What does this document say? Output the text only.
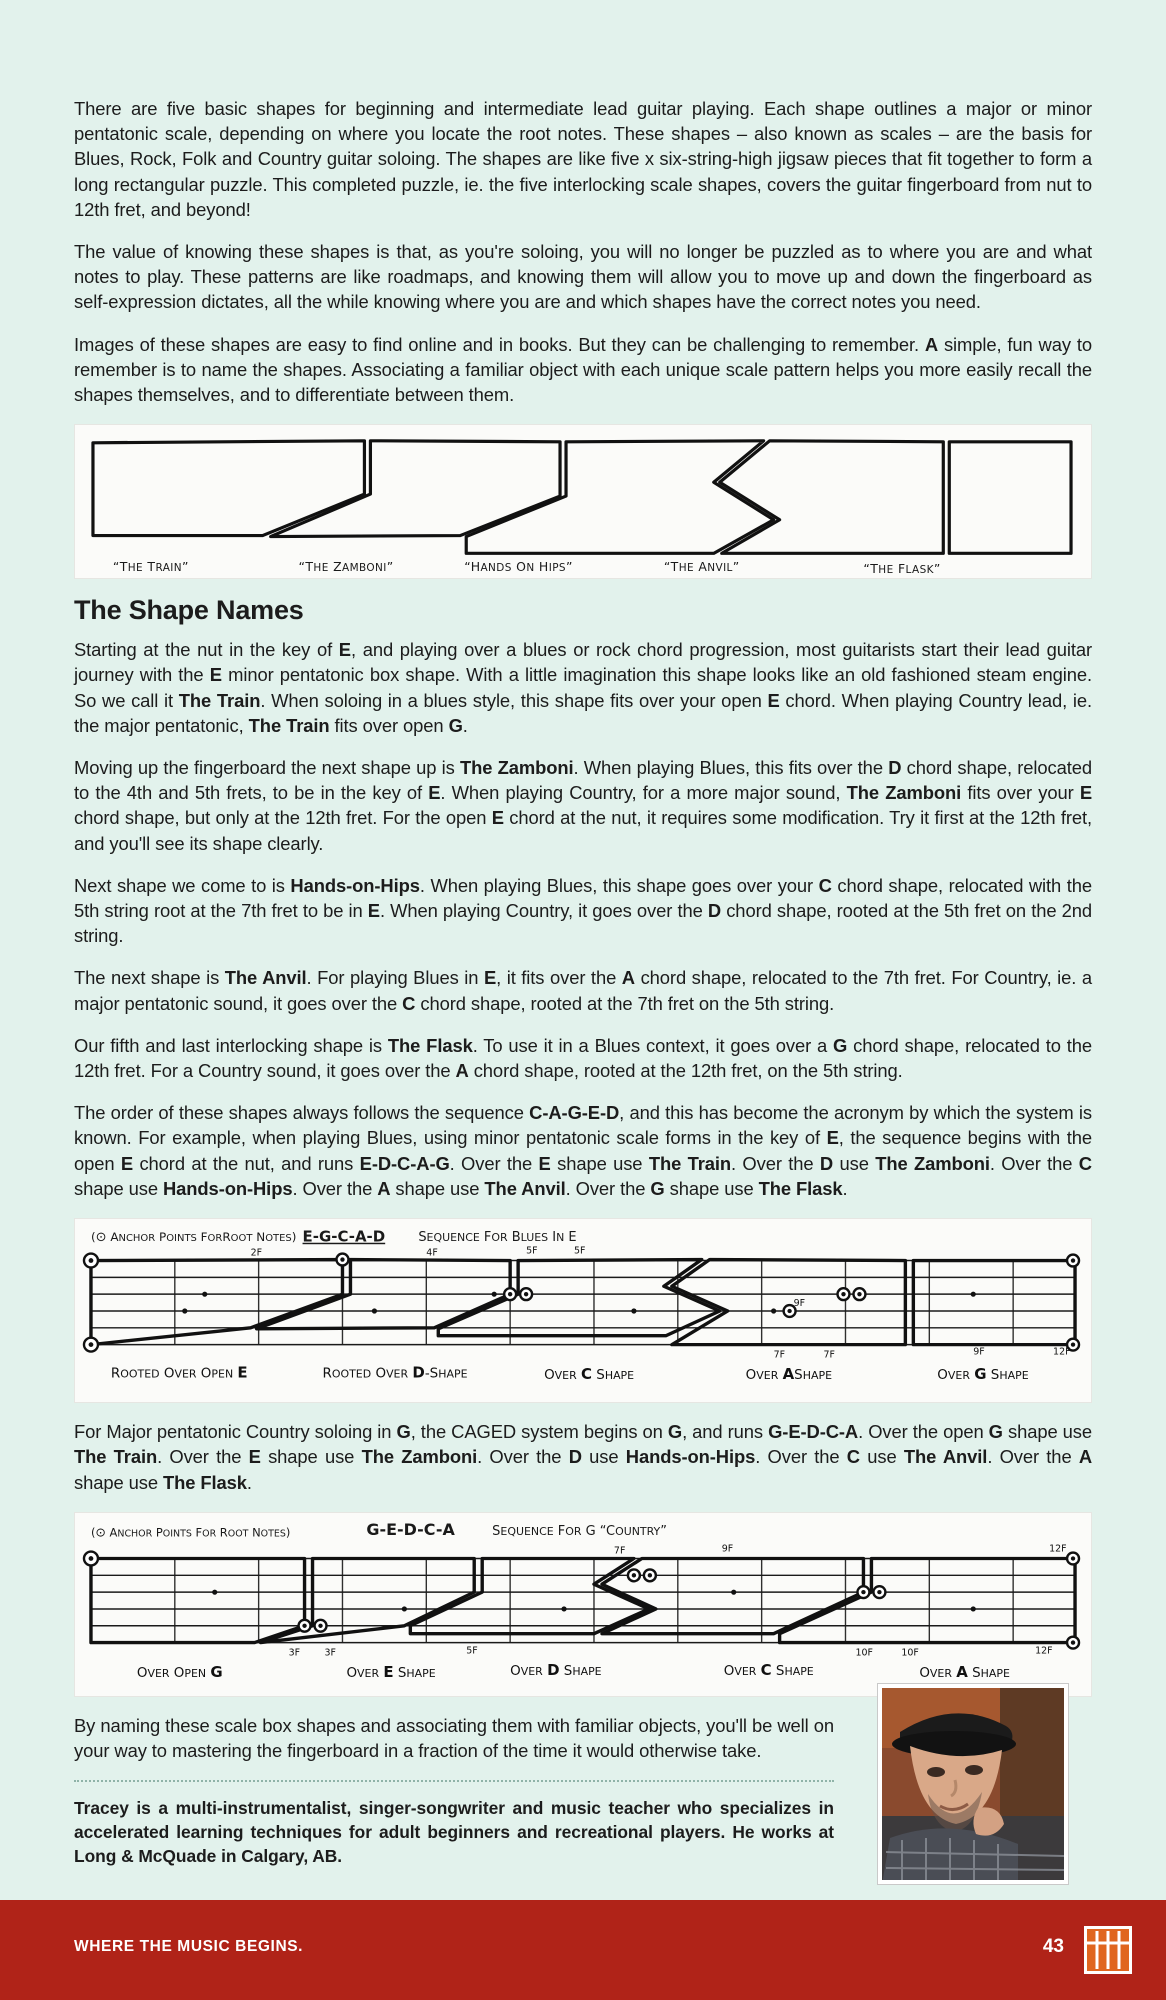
There are five basic shapes for beginning and intermediate lead guitar playing. Each shape outlines a major or minor pentatonic scale, depending on where you locate the root notes. These shapes – also known as scales – are the basis for Blues, Rock, Folk and Country guitar soloing. The shapes are like five x six-string-high jigsaw pieces that fit together to form a long rectangular puzzle. This completed puzzle, ie. the five interlocking scale shapes, covers the guitar fingerboard from nut to 12th fret, and beyond!

The value of knowing these shapes is that, as you're soloing, you will no longer be puzzled as to where you are and what notes to play. These patterns are like roadmaps, and knowing them will allow you to move up and down the fingerboard as self-expression dictates, all the while knowing where you are and which shapes have the correct notes you need.

Images of these shapes are easy to find online and in books. But they can be challenging to remember. A simple, fun way to remember is to name the shapes. Associating a familiar object with each unique scale pattern helps you more easily recall the shapes themselves, and to differentiate between them.

“THE TRAIN”	“THE ZAMBONI”	“HANDS ON HIPS”	“THE ANVIL”	“THE FLASK”
The Shape Names

Starting at the nut in the key of E, and playing over a blues or rock chord progression, most guitarists start their lead guitar journey with the E minor pentatonic box shape. With a little imagination this shape looks like an old fashioned steam engine. So we call it The Train. When soloing in a blues style, this shape fits over your open E chord. When playing Country lead, ie. the major pentatonic, The Train fits over open G.

Moving up the fingerboard the next shape up is The Zamboni. When playing Blues, this fits over the D chord shape, relocated to the 4th and 5th frets, to be in the key of E. When playing Country, for a more major sound, The Zamboni fits over your E chord shape, but only at the 12th fret. For the open E chord at the nut, it requires some modification. Try it first at the 12th fret, and you'll see its shape clearly.

Next shape we come to is Hands-on-Hips. When playing Blues, this shape goes over your C chord shape, relocated with the 5th string root at the 7th fret to be in E. When playing Country, it goes over the D chord shape, rooted at the 5th fret on the 2nd string.

The next shape is The Anvil. For playing Blues in E, it fits over the A chord shape, relocated to the 7th fret. For Country, ie. a major pentatonic sound, it goes over the C chord shape, rooted at the 7th fret on the 5th string.

Our fifth and last interlocking shape is The Flask. To use it in a Blues context, it goes over a G chord shape, relocated to the 12th fret. For a Country sound, it goes over the A chord shape, rooted at the 12th fret, on the 5th string.

The order of these shapes always follows the sequence C-A-G-E-D, and this has become the acronym by which the system is known. For example, when playing Blues, using minor pentatonic scale forms in the key of E, the sequence begins with the open E chord at the nut, and runs E-D-C-A-G. Over the E shape use The Train. Over the D use The Zamboni. Over the C shape use Hands-on-Hips. Over the A shape use The Anvil. Over the G shape use The Flask.

(⊙ ANCHOR POINTS FORROOT NOTES) E-G-C-A-D	SEQUENCE FOR BLUES IN E
2F	4F	5F	5F
9F
7F	7F	9F	12F
ROOTED OVER OPEN E	ROOTED OVER D-SHAPE	OVER C SHAPE	OVER ASHAPE	OVER G SHAPE

For Major pentatonic Country soloing in G, the CAGED system begins on G, and runs G-E-D-C-A. Over the open G shape use The Train. Over the E shape use The Zamboni. Over the D use Hands-on-Hips. Over the C use The Anvil. Over the A shape use The Flask.

(⊙ ANCHOR POINTS FOR ROOT NOTES)	G-E-D-C-A	SEQUENCE FOR G “COUNTRY”
7F	9F	12F
3F	3F	5F	10F	10F	12F
OVER OPEN G	OVER E SHAPE	OVER D SHAPE	OVER C SHAPE	OVER A SHAPE

By naming these scale box shapes and associating them with familiar objects, you'll be well on your way to mastering the fingerboard in a fraction of the time it would otherwise take.

Tracey is a multi-instrumentalist, singer-songwriter and music teacher who specializes in accelerated learning techniques for adult beginners and recreational players. He works at Long & McQuade in Calgary, AB.

WHERE THE MUSIC BEGINS.	43
